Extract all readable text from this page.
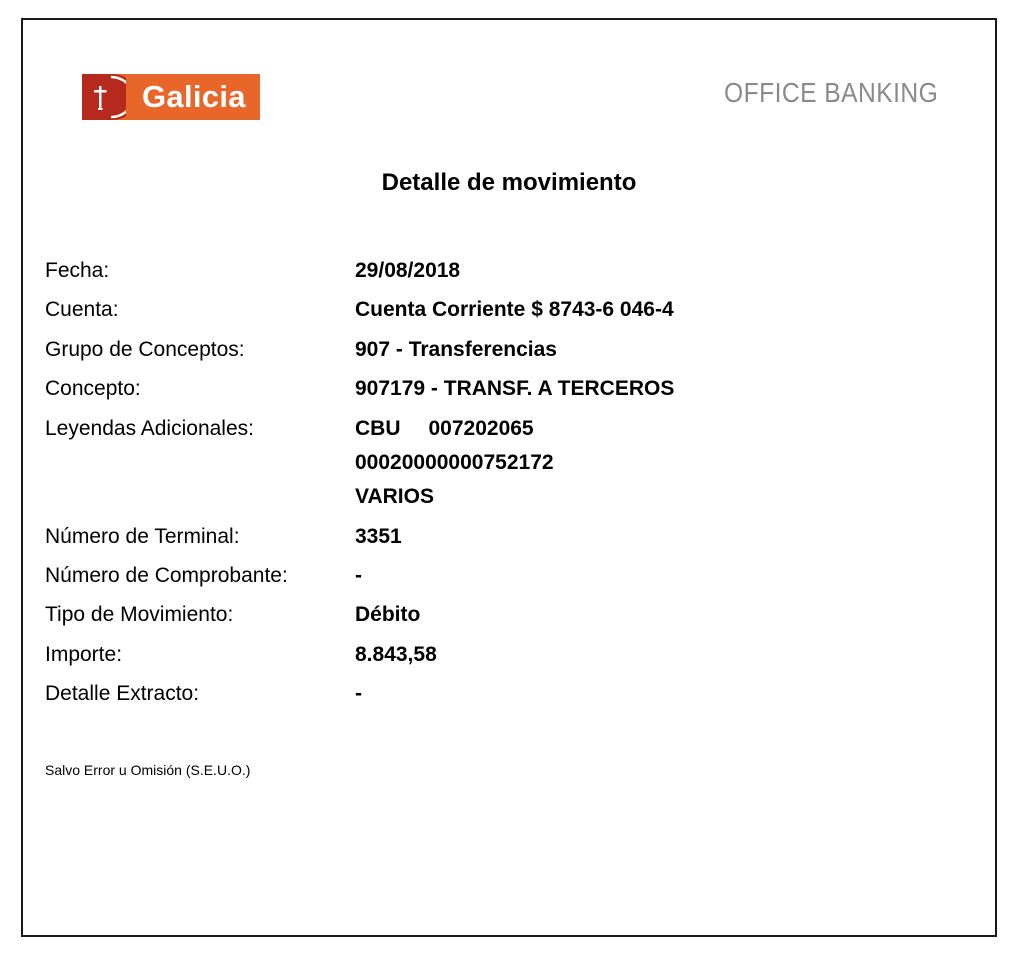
Galicia	OFFICE BANKING
Detalle de movimiento
Fecha:	29/08/2018
Cuenta:	Cuenta Corriente $ 8743-6 046-4
Grupo de Conceptos:	907 - Transferencias
Concepto:	907179 - TRANSF. A TERCEROS
Leyendas Adicionales:	CBU 007202065
00020000000752172
VARIOS
Número de Terminal:	3351
Número de Comprobante:	-
Tipo de Movimiento:	Débito
Importe:	8.843,58
Detalle Extracto:	-
Salvo Error u Omisión (S.E.U.O.)
